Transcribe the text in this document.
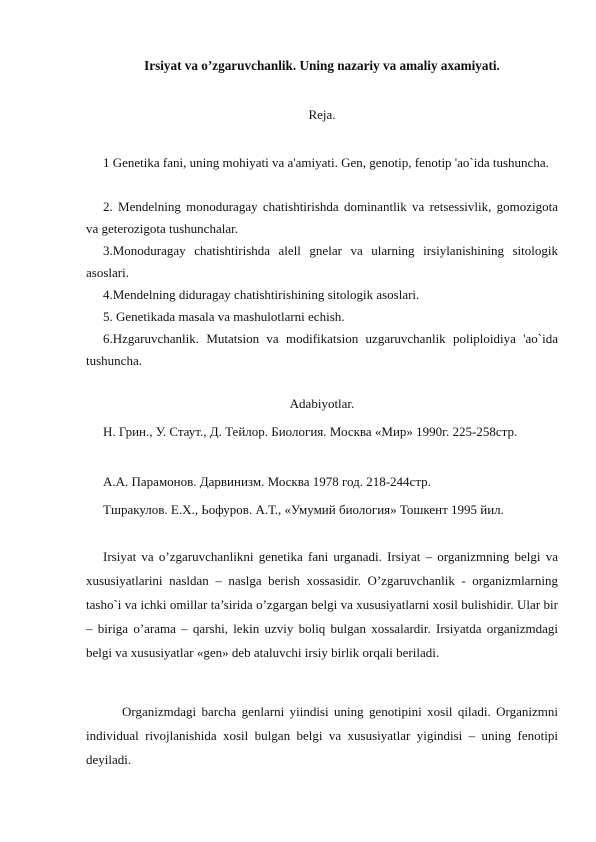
Irsiyat va o’zgaruvchanlik. Uning nazariy va amaliy axamiyati.
Reja.

1 Genetika fani, uning mohiyati va a'amiyati. Gen, genotip, fenotip 'ao`ida tushuncha.

2. Mendelning monoduragay chatishtirishda dominantlik va retsessivlik, gomozigota va geterozigota tushunchalar.

3.Monoduragay chatishtirishda alell gnelar va ularning irsiylanishining sitologik asoslari.

4.Mendelning diduragay chatishtirishining sitologik asoslari.

5. Genetikada masala va mashulotlarni echish.

6.Hzgaruvchanlik. Mutatsion va modifikatsion uzgaruvchanlik poliploidiya 'ao`ida tushuncha.

Adabiyotlar.

Н. Грин., У. Стаут., Д. Тейлор. Биология. Москва «Мир» 1990г. 225-258стр.

А.А. Парамонов. Дарвинизм. Москва 1978 год. 218-244стр.

Тшракулов. Е.Х., Ьофуров. А.Т., «Умумий биология» Тошкент 1995 йил.

Irsiyat va o’zgaruvchanlikni genetika fani urganadi. Irsiyat – organizmning belgi va xususiyatlarini nasldan – naslga berish xossasidir. O’zgaruvchanlik - organizmlarning tasho`i va ichki omillar ta’sirida o’zgargan belgi va xususiyatlarni xosil bulishidir. Ular bir – biriga o’arama – qarshi, lekin uzviy boliq bulgan xossalardir. Irsiyatda organizmdagi belgi va xususiyatlar «gen» deb ataluvchi irsiy birlik orqali beriladi.

Organizmdagi barcha genlarni yiindisi uning genotipini xosil qiladi. Organizmni individual rivojlanishida xosil bulgan belgi va xususiyatlar yigindisi – uning fenotipi deyiladi.
